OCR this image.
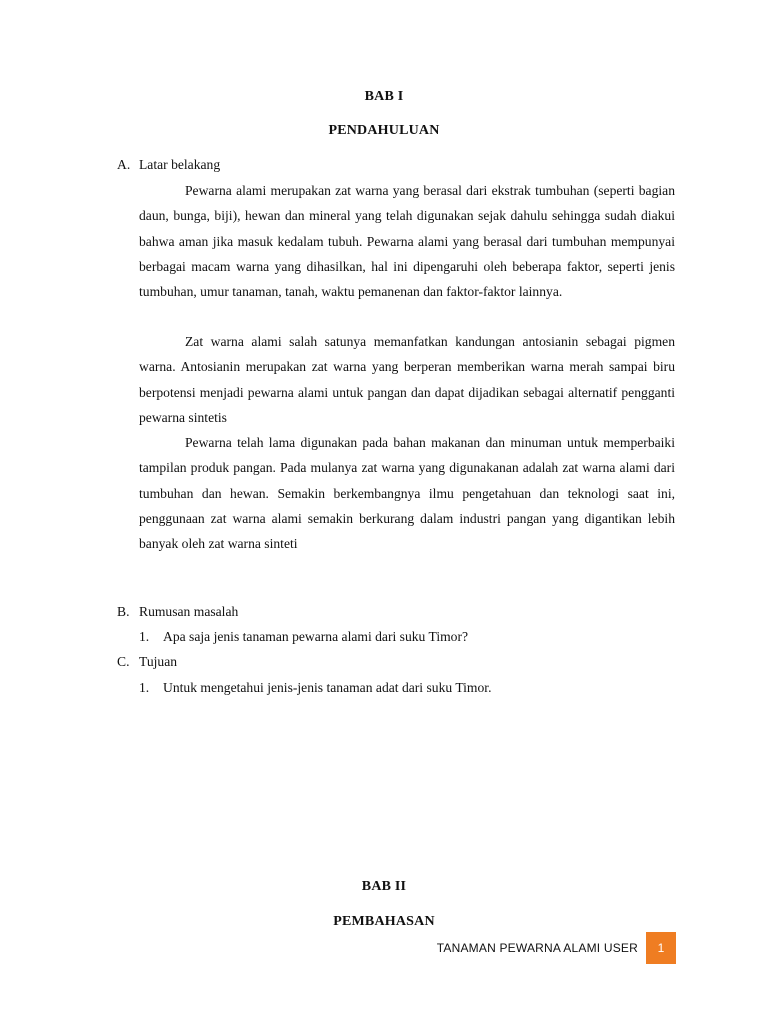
BAB I
PENDAHULUAN
A. Latar belakang

Pewarna alami merupakan zat warna yang berasal dari ekstrak tumbuhan (seperti bagian daun, bunga, biji), hewan dan mineral yang telah digunakan sejak dahulu sehingga sudah diakui bahwa aman jika masuk kedalam tubuh. Pewarna alami yang berasal dari tumbuhan mempunyai berbagai macam warna yang dihasilkan, hal ini dipengaruhi oleh beberapa faktor, seperti jenis tumbuhan, umur tanaman, tanah, waktu pemanenan dan faktor-faktor lainnya.

Zat warna alami salah satunya memanfatkan kandungan antosianin sebagai pigmen warna. Antosianin merupakan zat warna yang berperan memberikan warna merah sampai biru berpotensi menjadi pewarna alami untuk pangan dan dapat dijadikan sebagai alternatif pengganti pewarna sintetis

Pewarna telah lama digunakan pada bahan makanan dan minuman untuk memperbaiki tampilan produk pangan. Pada mulanya zat warna yang digunakanan adalah zat warna alami dari tumbuhan dan hewan. Semakin berkembangnya ilmu pengetahuan dan teknologi saat ini, penggunaan zat warna alami semakin berkurang dalam industri pangan yang digantikan lebih banyak oleh zat warna sinteti

B. Rumusan masalah
1. Apa saja jenis tanaman pewarna alami dari suku Timor?
C. Tujuan
1. Untuk mengetahui jenis-jenis tanaman adat dari suku Timor.
BAB II
PEMBAHASAN
TANAMAN PEWARNA ALAMI USER	1
